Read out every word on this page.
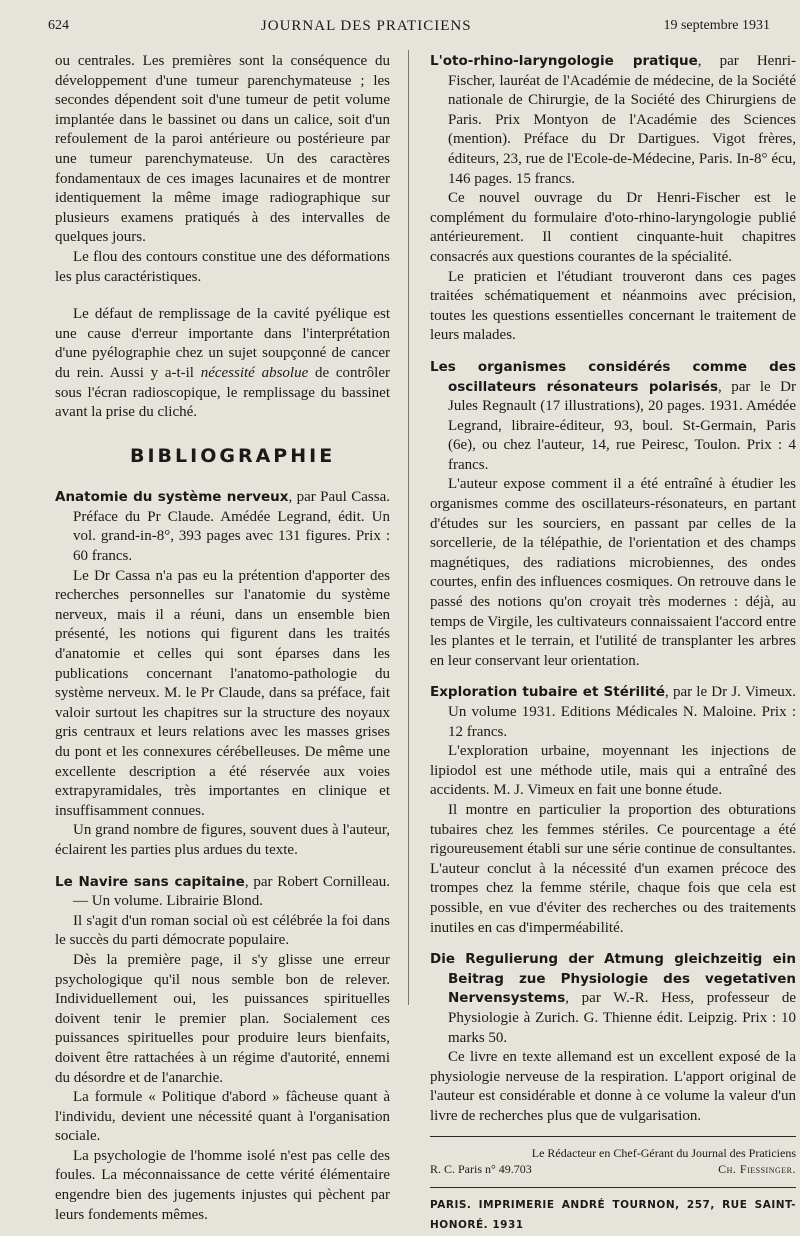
624	JOURNAL DES PRATICIENS	19 septembre 1931

ou centrales. Les premières sont la conséquence du développement d'une tumeur parenchymateuse ; les secondes dépendent soit d'une tumeur de petit volume implantée dans le bassinet ou dans un calice, soit d'un refoulement de la paroi antérieure ou postérieure par une tumeur parenchymateuse. Un des caractères fondamentaux de ces images lacunaires et de montrer identiquement la même image radiographique sur plusieurs examens pratiqués à des intervalles de quelques jours.

Le flou des contours constitue une des déformations les plus caractéristiques.

Le défaut de remplissage de la cavité pyélique est une cause d'erreur importante dans l'interprétation d'une pyélographie chez un sujet soupçonné de cancer du rein. Aussi y a-t-il nécessité absolue de contrôler sous l'écran radioscopique, le remplissage du bassinet avant la prise du cliché.

BIBLIOGRAPHIE

Anatomie du système nerveux, par Paul Cassa. Préface du Pr Claude. Amédée Legrand, édit. Un vol. grand-in-8°, 393 pages avec 131 figures. Prix : 60 francs.

Le Dr Cassa n'a pas eu la prétention d'apporter des recherches personnelles sur l'anatomie du système nerveux, mais il a réuni, dans un ensemble bien présenté, les notions qui figurent dans les traités d'anatomie et celles qui sont éparses dans les publications concernant l'anatomo-pathologie du système nerveux. M. le Pr Claude, dans sa préface, fait valoir surtout les chapitres sur la structure des noyaux gris centraux et leurs relations avec les masses grises du pont et les connexures cérébelleuses. De même une excellente description a été réservée aux voies extrapyramidales, très importantes en clinique et insuffisamment connues.

Un grand nombre de figures, souvent dues à l'auteur, éclairent les parties plus ardues du texte.

Le Navire sans capitaine, par Robert Cornilleau. — Un volume. Librairie Blond.

Il s'agit d'un roman social où est célébrée la foi dans le succès du parti démocrate populaire.

Dès la première page, il s'y glisse une erreur psychologique qu'il nous semble bon de relever. Individuellement oui, les puissances spirituelles doivent tenir le premier plan. Socialement ces puissances spirituelles pour produire leurs bienfaits, doivent être rattachées à un régime d'autorité, ennemi du désordre et de l'anarchie.

La formule « Politique d'abord » fâcheuse quant à l'individu, devient une nécessité quant à l'organisation sociale.

La psychologie de l'homme isolé n'est pas celle des foules. La méconnaissance de cette vérité élémentaire engendre bien des jugements injustes qui pèchent par leurs fondements mêmes.

L'oto-rhino-laryngologie pratique, par Henri-Fischer, lauréat de l'Académie de médecine, de la Société nationale de Chirurgie, de la Société des Chirurgiens de Paris. Prix Montyon de l'Académie des Sciences (mention). Préface du Dr Dartigues. Vigot frères, éditeurs, 23, rue de l'Ecole-de-Médecine, Paris. In-8° écu, 146 pages. 15 francs.

Ce nouvel ouvrage du Dr Henri-Fischer est le complément du formulaire d'oto-rhino-laryngologie publié antérieurement. Il contient cinquante-huit chapitres consacrés aux questions courantes de la spécialité.

Le praticien et l'étudiant trouveront dans ces pages traitées schématiquement et néanmoins avec précision, toutes les questions essentielles concernant le traitement de leurs malades.

Les organismes considérés comme des oscillateurs résonateurs polarisés, par le Dr Jules Regnault (17 illustrations), 20 pages. 1931. Amédée Legrand, libraire-éditeur, 93, boul. St-Germain, Paris (6e), ou chez l'auteur, 14, rue Peiresc, Toulon. Prix : 4 francs.

L'auteur expose comment il a été entraîné à étudier les organismes comme des oscillateurs-résonateurs, en partant d'études sur les sourciers, en passant par celles de la sorcellerie, de la télépathie, de l'orientation et des champs magnétiques, des radiations microbiennes, des ondes courtes, enfin des influences cosmiques. On retrouve dans le passé des notions qu'on croyait très modernes : déjà, au temps de Virgile, les cultivateurs connaissaient l'accord entre les plantes et le terrain, et l'utilité de transplanter les arbres en leur conservant leur orientation.

Exploration tubaire et Stérilité, par le Dr J. Vimeux. Un volume 1931. Editions Médicales N. Maloine. Prix : 12 francs.

L'exploration urbaine, moyennant les injections de lipiodol est une méthode utile, mais qui a entraîné des accidents. M. J. Vimeux en fait une bonne étude.

Il montre en particulier la proportion des obturations tubaires chez les femmes stériles. Ce pourcentage a été rigoureusement établi sur une série continue de consultantes. L'auteur conclut à la nécessité d'un examen précoce des trompes chez la femme stérile, chaque fois que cela est possible, en vue d'éviter des recherches ou des traitements inutiles en cas d'imperméabilité.

Die Regulierung der Atmung gleichzeitig ein Beitrag zue Physiologie des vegetativen Nervensystems, par W.-R. Hess, professeur de Physiologie à Zurich. G. Thienne édit. Leipzig. Prix : 10 marks 50.

Ce livre en texte allemand est un excellent exposé de la physiologie nerveuse de la respiration. L'apport original de l'auteur est considérable et donne à ce volume la valeur d'un livre de recherches plus que de vulgarisation.

Le Rédacteur en Chef-Gérant du Journal des Praticiens
R. C. Paris n° 49.703	Ch. Fiessinger.
PARIS. IMPRIMERIE ANDRÉ TOURNON, 257, RUE SAINT-HONORÉ. 1931
